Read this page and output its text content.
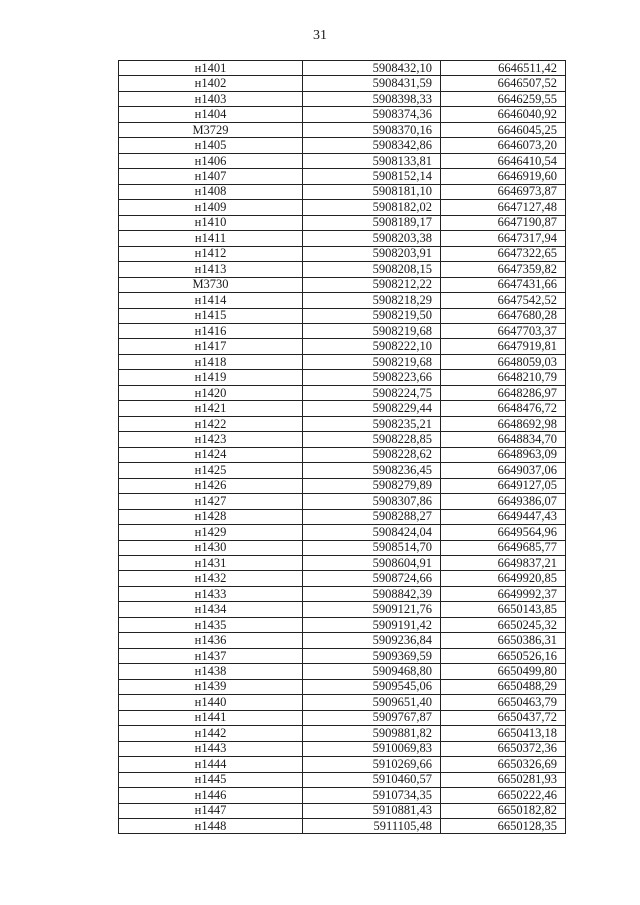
31
н1401	5908432,10	6646511,42
н1402	5908431,59	6646507,52
н1403	5908398,33	6646259,55
н1404	5908374,36	6646040,92
М3729	5908370,16	6646045,25
н1405	5908342,86	6646073,20
н1406	5908133,81	6646410,54
н1407	5908152,14	6646919,60
н1408	5908181,10	6646973,87
н1409	5908182,02	6647127,48
н1410	5908189,17	6647190,87
н1411	5908203,38	6647317,94
н1412	5908203,91	6647322,65
н1413	5908208,15	6647359,82
М3730	5908212,22	6647431,66
н1414	5908218,29	6647542,52
н1415	5908219,50	6647680,28
н1416	5908219,68	6647703,37
н1417	5908222,10	6647919,81
н1418	5908219,68	6648059,03
н1419	5908223,66	6648210,79
н1420	5908224,75	6648286,97
н1421	5908229,44	6648476,72
н1422	5908235,21	6648692,98
н1423	5908228,85	6648834,70
н1424	5908228,62	6648963,09
н1425	5908236,45	6649037,06
н1426	5908279,89	6649127,05
н1427	5908307,86	6649386,07
н1428	5908288,27	6649447,43
н1429	5908424,04	6649564,96
н1430	5908514,70	6649685,77
н1431	5908604,91	6649837,21
н1432	5908724,66	6649920,85
н1433	5908842,39	6649992,37
н1434	5909121,76	6650143,85
н1435	5909191,42	6650245,32
н1436	5909236,84	6650386,31
н1437	5909369,59	6650526,16
н1438	5909468,80	6650499,80
н1439	5909545,06	6650488,29
н1440	5909651,40	6650463,79
н1441	5909767,87	6650437,72
н1442	5909881,82	6650413,18
н1443	5910069,83	6650372,36
н1444	5910269,66	6650326,69
н1445	5910460,57	6650281,93
н1446	5910734,35	6650222,46
н1447	5910881,43	6650182,82
н1448	5911105,48	6650128,35
